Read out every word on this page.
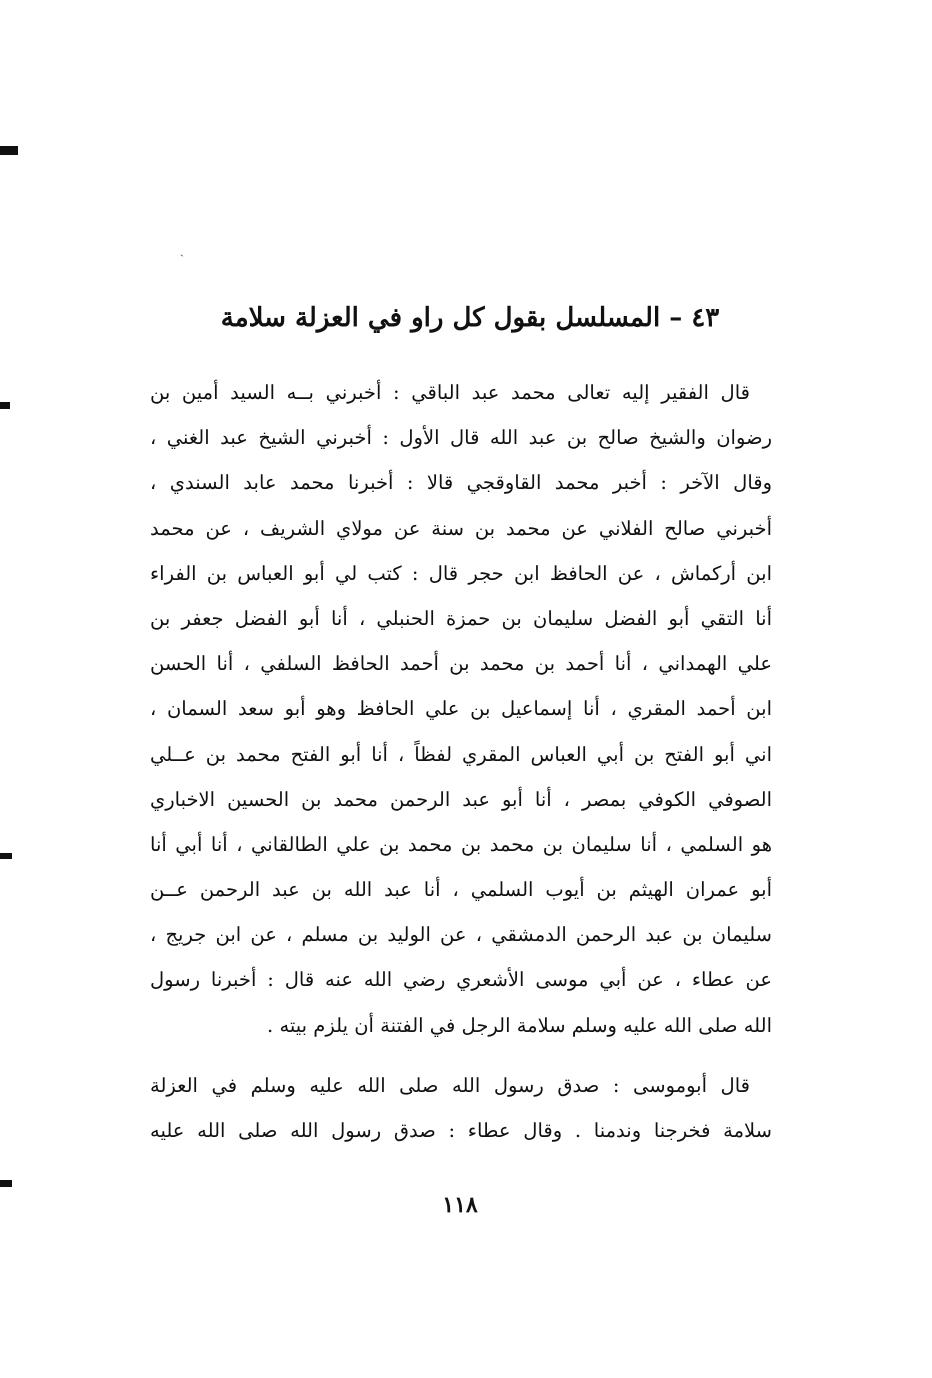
ˎ
٤٣ – المسلسل بقول كل راو في العزلة سلامة
قال الفقير إليه تعالى محمد عبد الباقي : أخبرني بــه السيد أمين بن
رضوان والشيخ صالح بن عبد الله قال الأول : أخبرني الشيخ عبد الغني ،
وقال الآخر : أخبر محمد القاوقجي قالا : أخبرنا محمد عابد السندي ،
أخبرني صالح الفلاني عن محمد بن سنة عن مولاي الشريف ، عن محمد
ابن أركماش ، عن الحافظ ابن حجر قال : كتب لي أبو العباس بن الفراء
أنا التقي أبو الفضل سليمان بن حمزة الحنبلي ، أنا أبو الفضل جعفر بن
علي الهمداني ، أنا أحمد بن محمد بن أحمد الحافظ السلفي ، أنا الحسن
ابن أحمد المقري ، أنا إسماعيل بن علي الحافظ وهو أبو سعد السمان ،
اني أبو الفتح بن أبي العباس المقري لفظاً ، أنا أبو الفتح محمد بن عــلي
الصوفي الكوفي بمصر ، أنا أبو عبد الرحمن محمد بن الحسين الاخباري
هو السلمي ، أنا سليمان بن محمد بن محمد بن علي الطالقاني ، أنا أبي أنا
أبو عمران الهيثم بن أيوب السلمي ، أنا عبد الله بن عبد الرحمن عــن
سليمان بن عبد الرحمن الدمشقي ، عن الوليد بن مسلم ، عن ابن جريج ،
عن عطاء ، عن أبي موسى الأشعري رضي الله عنه قال : أخبرنا رسول
الله صلى الله عليه وسلم سلامة الرجل في الفتنة أن يلزم بيته .
قال أبوموسى : صدق رسول الله صلى الله عليه وسلم في العزلة
سلامة فخرجنا وندمنا . وقال عطاء : صدق رسول الله صلى الله عليه
١١٨
